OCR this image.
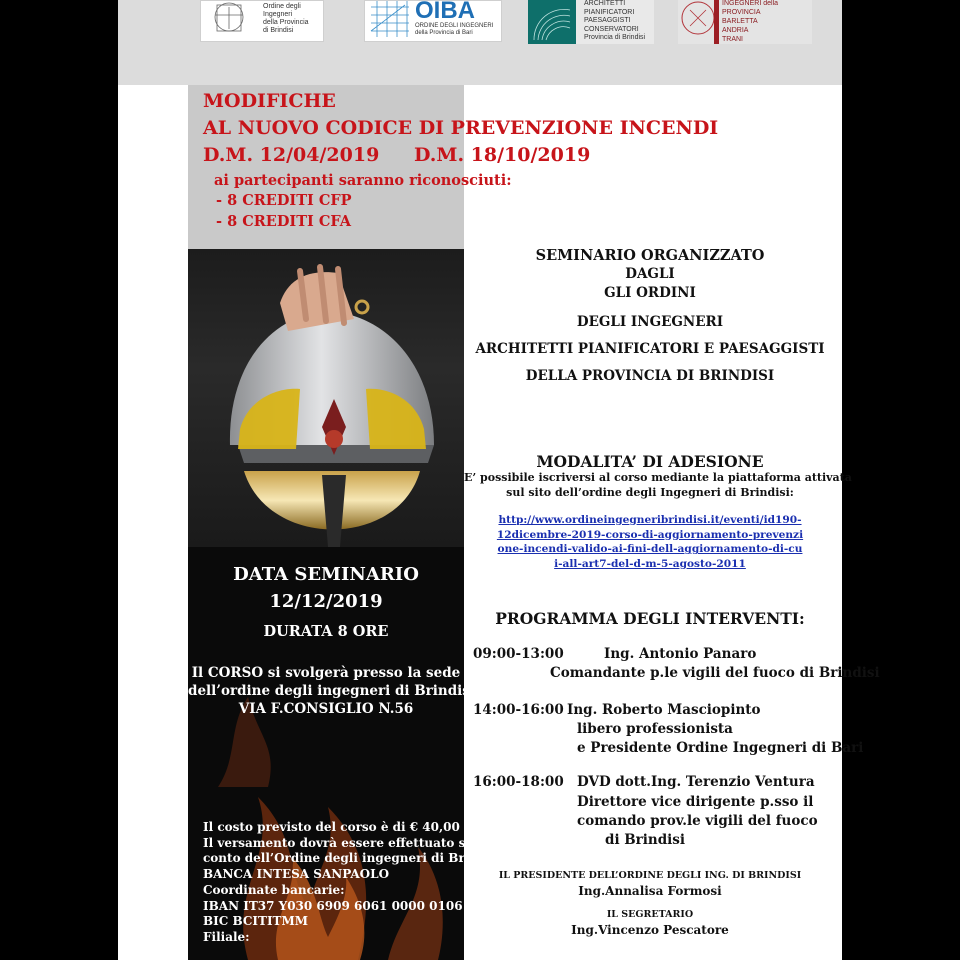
Ordine degli
Ingegneri
della Provincia
di Brindisi
OIBA
ORDINE DEGLI INGEGNERI
della Provincia di Bari
ARCHITETTI
PIANIFICATORI
PAESAGGISTI
CONSERVATORI
Provincia di Brindisi
INGEGNERI della PROVINCIA
BARLETTA
ANDRIA
TRANI
MODIFICHE
AL NUOVO CODICE DI PREVENZIONE INCENDI
D.M. 12/04/2019 D.M. 18/10/2019
ai partecipanti saranno riconosciuti:
- 8 CREDITI CFP
- 8 CREDITI CFA
DATA SEMINARIO
12/12/2019
DURATA 8 ORE
Il CORSO si svolgerà presso la sede
dell’ordine degli ingegneri di Brindisi -
VIA F.CONSIGLIO N.56
Il costo previsto del corso è di € 40,00 .
Il versamento dovrà essere effettuato sul
conto dell’Ordine degli ingegneri di Brindi
BANCA INTESA SANPAOLO
Coordinate bancarie:
IBAN IT37 Y030 6909 6061 0000 0106 842
BIC BCITITMM
Filiale:
SEMINARIO ORGANIZZATO
DAGLI
GLI ORDINI
DEGLI INGEGNERI
ARCHITETTI PIANIFICATORI E PAESAGGISTI
DELLA PROVINCIA DI BRINDISI
MODALITA’ DI ADESIONE
E’ possibile iscriversi al corso mediante la piattaforma attivata
sul sito dell’ordine degli Ingegneri di Brindisi:
http://www.ordineingegneribrindisi.it/eventi/id190-
12dicembre-2019-corso-di-aggiornamento-prevenzi
one-incendi-valido-ai-fini-dell-aggiornamento-di-cu
i-all-art7-del-d-m-5-agosto-2011
PROGRAMMA DEGLI INTERVENTI:
09:00-13:00	Ing. Antonio Panaro
Comandante p.le vigili del fuoco di Brindisi
14:00-16:00 Ing. Roberto Masciopinto
libero professionista
e Presidente Ordine Ingegneri di Bari
16:00-18:00 DVD dott.Ing. Terenzio Ventura
Direttore vice dirigente p.sso il
comando prov.le vigili del fuoco
di Brindisi
IL PRESIDENTE DELL’ORDINE DEGLI ING. DI BRINDISI
Ing.Annalisa Formosi
IL SEGRETARIO
Ing.Vincenzo Pescatore
